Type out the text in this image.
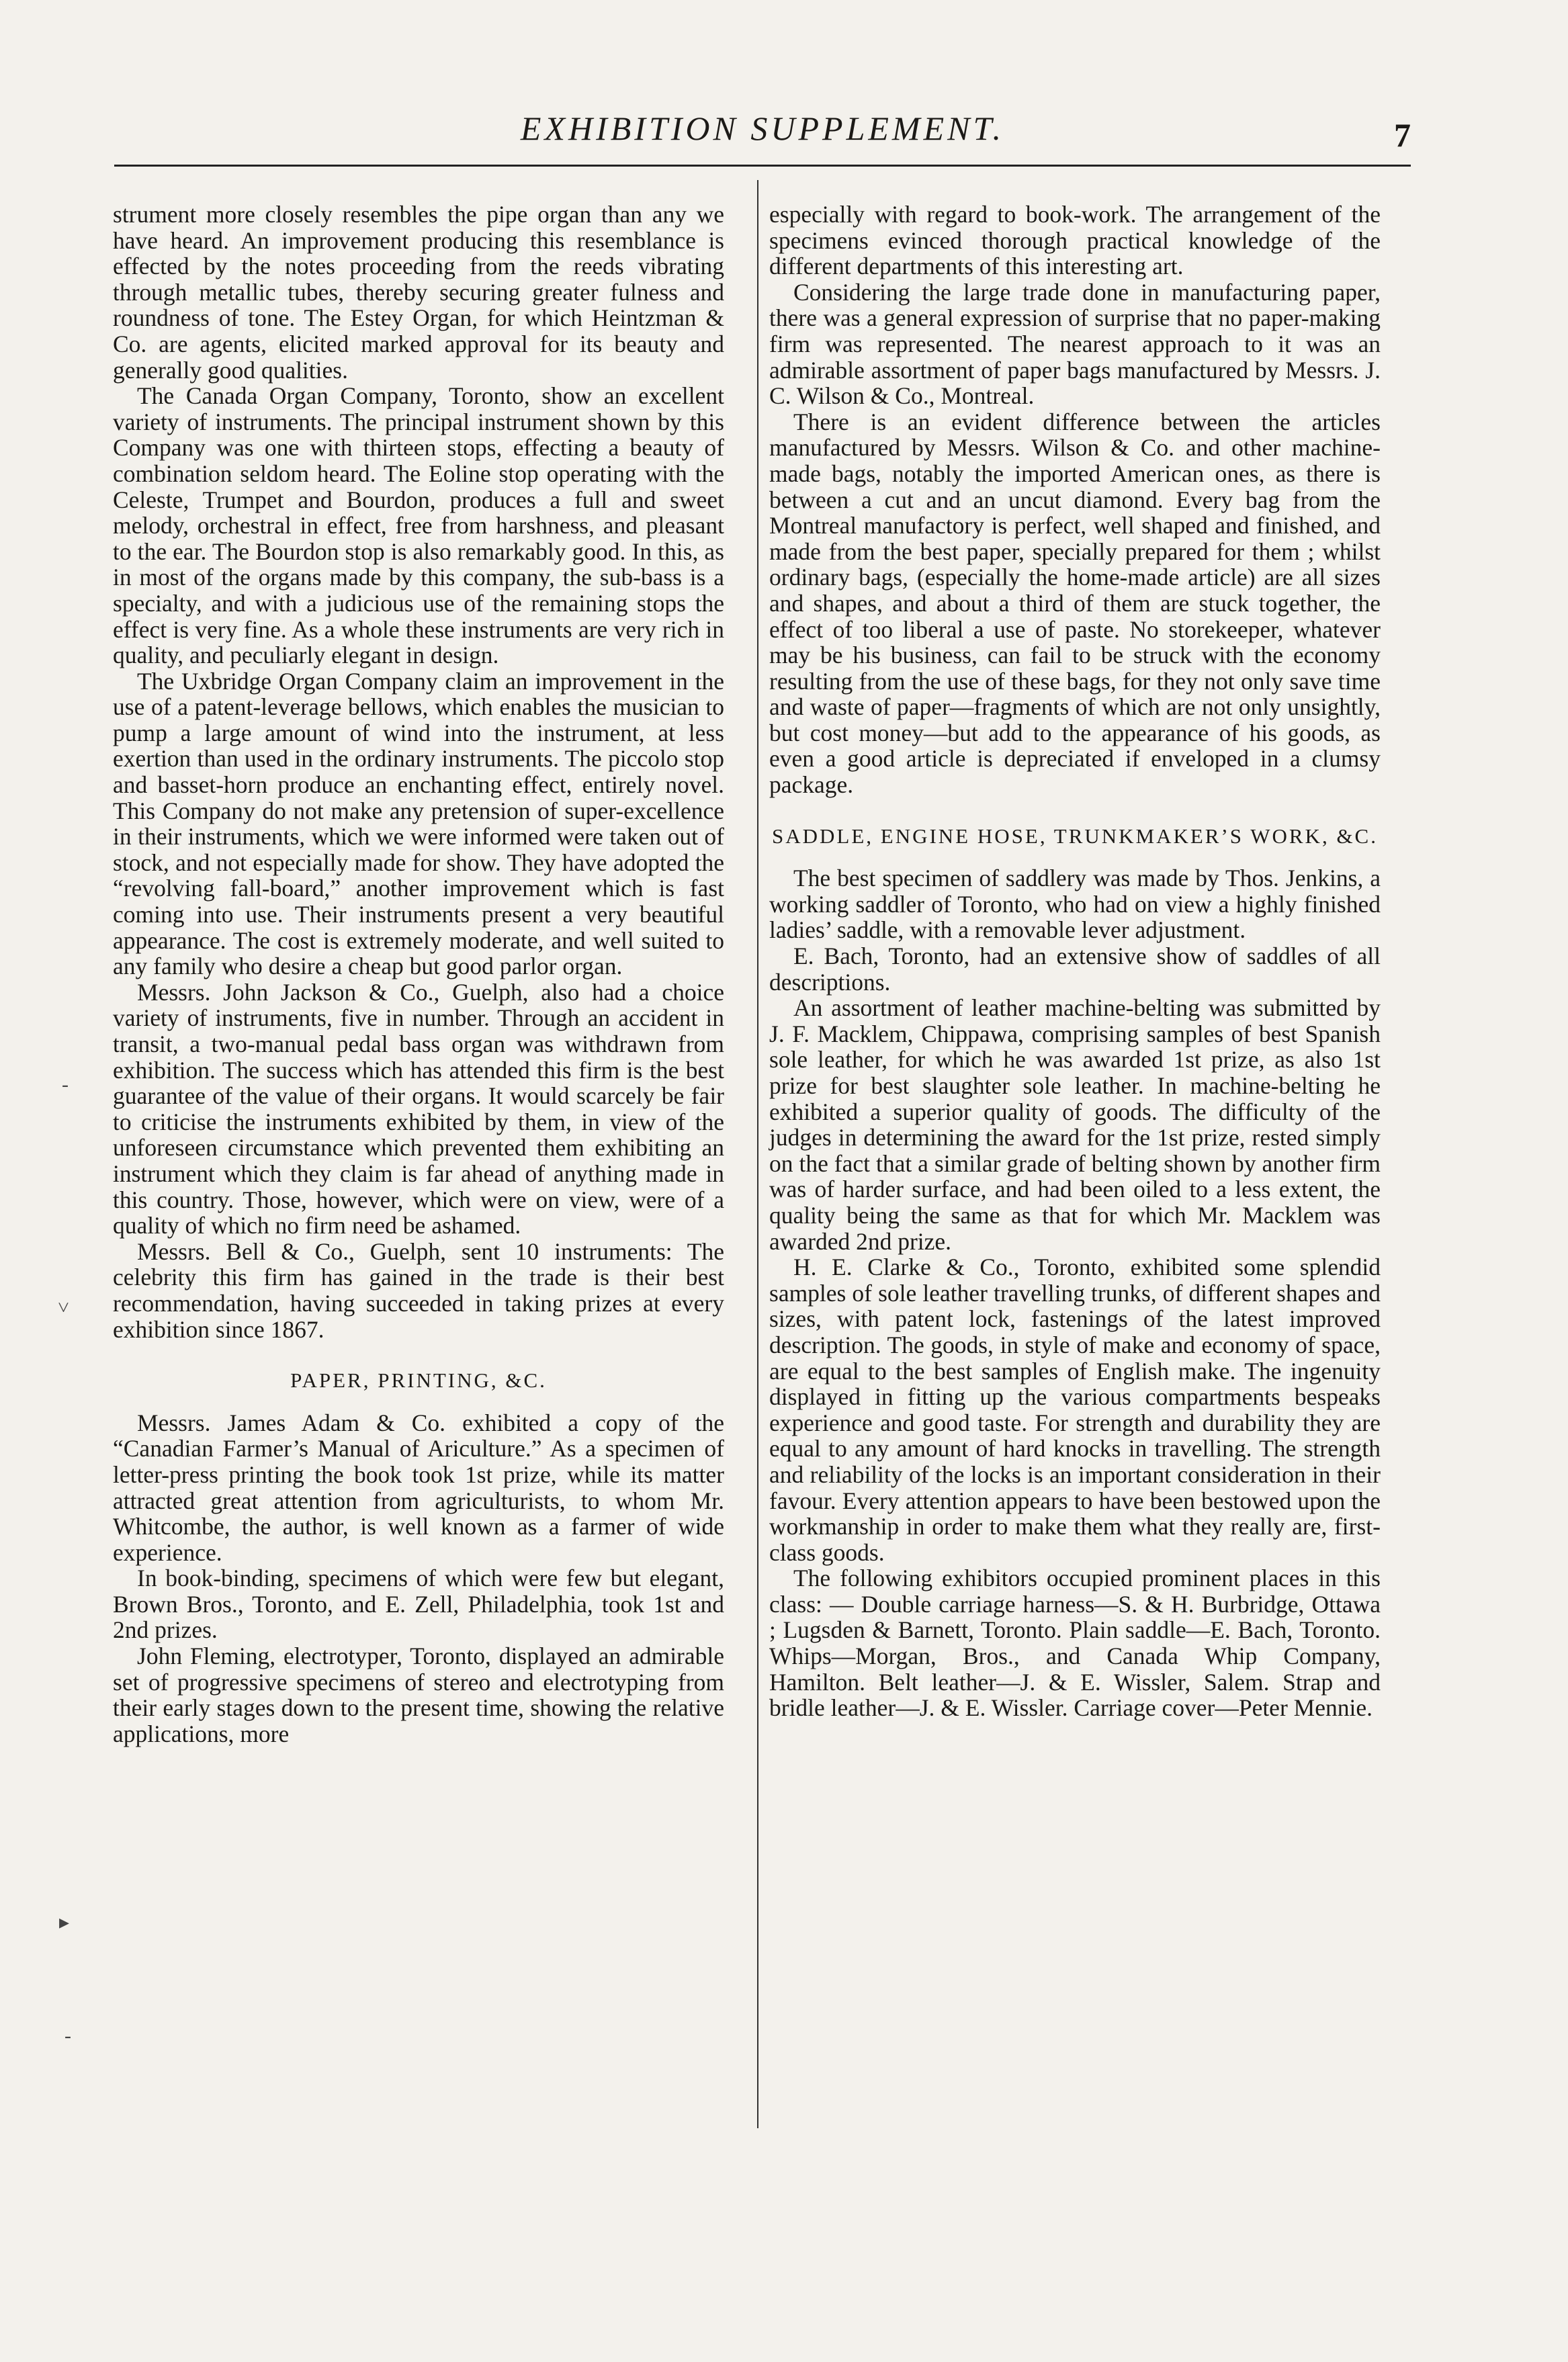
EXHIBITION SUPPLEMENT.	7

strument more closely resembles the pipe organ than any we have heard. An improvement producing this resemblance is effected by the notes proceeding from the reeds vibrating through metallic tubes, thereby securing greater fulness and roundness of tone. The Estey Organ, for which Heintzman & Co. are agents, elicited marked approval for its beauty and generally good qualities.

The Canada Organ Company, Toronto, show an excellent variety of instruments. The principal instrument shown by this Company was one with thirteen stops, effecting a beauty of combination seldom heard. The Eoline stop operating with the Celeste, Trumpet and Bourdon, produces a full and sweet melody, orchestral in effect, free from harshness, and pleasant to the ear. The Bourdon stop is also remarkably good. In this, as in most of the organs made by this company, the sub-bass is a specialty, and with a judicious use of the remaining stops the effect is very fine. As a whole these instruments are very rich in quality, and peculiarly elegant in design.

The Uxbridge Organ Company claim an improvement in the use of a patent-leverage bellows, which enables the musician to pump a large amount of wind into the instrument, at less exertion than used in the ordinary instruments. The piccolo stop and basset-horn produce an enchanting effect, entirely novel. This Company do not make any pretension of super-excellence in their instruments, which we were informed were taken out of stock, and not especially made for show. They have adopted the “revolving fall-board,” another improvement which is fast coming into use. Their instruments present a very beautiful appearance. The cost is extremely moderate, and well suited to any family who desire a cheap but good parlor organ.

Messrs. John Jackson & Co., Guelph, also had a choice variety of instruments, five in number. Through an accident in transit, a two-manual pedal bass organ was withdrawn from exhibition. The success which has attended this firm is the best guarantee of the value of their organs. It would scarcely be fair to criticise the instruments exhibited by them, in view of the unforeseen circumstance which prevented them exhibiting an instrument which they claim is far ahead of anything made in this country. Those, however, which were on view, were of a quality of which no firm need be ashamed.

Messrs. Bell & Co., Guelph, sent 10 instruments: The celebrity this firm has gained in the trade is their best recommendation, having succeeded in taking prizes at every exhibition since 1867.

PAPER, PRINTING, &C.

Messrs. James Adam & Co. exhibited a copy of the “Canadian Farmer’s Manual of Ariculture.” As a specimen of letter-press printing the book took 1st prize, while its matter attracted great attention from agriculturists, to whom Mr. Whitcombe, the author, is well known as a farmer of wide experience.

In book-binding, specimens of which were few but elegant, Brown Bros., Toronto, and E. Zell, Philadelphia, took 1st and 2nd prizes.

John Fleming, electrotyper, Toronto, displayed an admirable set of progressive specimens of stereo and electrotyping from their early stages down to the present time, showing the relative applications, more

especially with regard to book-work. The arrangement of the specimens evinced thorough practical knowledge of the different departments of this interesting art.

Considering the large trade done in manufacturing paper, there was a general expression of surprise that no paper-making firm was represented. The nearest approach to it was an admirable assortment of paper bags manufactured by Messrs. J. C. Wilson & Co., Montreal.

There is an evident difference between the articles manufactured by Messrs. Wilson & Co. and other machine-made bags, notably the imported American ones, as there is between a cut and an uncut diamond. Every bag from the Montreal manufactory is perfect, well shaped and finished, and made from the best paper, specially prepared for them ; whilst ordinary bags, (especially the home-made article) are all sizes and shapes, and about a third of them are stuck together, the effect of too liberal a use of paste. No storekeeper, whatever may be his business, can fail to be struck with the economy resulting from the use of these bags, for they not only save time and waste of paper—fragments of which are not only unsightly, but cost money—but add to the appearance of his goods, as even a good article is depreciated if enveloped in a clumsy package.

SADDLE, ENGINE HOSE, TRUNKMAKER’S WORK, &C.

The best specimen of saddlery was made by Thos. Jenkins, a working saddler of Toronto, who had on view a highly finished ladies’ saddle, with a removable lever adjustment.

E. Bach, Toronto, had an extensive show of saddles of all descriptions.

An assortment of leather machine-belting was submitted by J. F. Macklem, Chippawa, comprising samples of best Spanish sole leather, for which he was awarded 1st prize, as also 1st prize for best slaughter sole leather. In machine-belting he exhibited a superior quality of goods. The difficulty of the judges in determining the award for the 1st prize, rested simply on the fact that a similar grade of belting shown by another firm was of harder surface, and had been oiled to a less extent, the quality being the same as that for which Mr. Macklem was awarded 2nd prize.

H. E. Clarke & Co., Toronto, exhibited some splendid samples of sole leather travelling trunks, of different shapes and sizes, with patent lock, fastenings of the latest improved description. The goods, in style of make and economy of space, are equal to the best samples of English make. The ingenuity displayed in fitting up the various compartments bespeaks experience and good taste. For strength and durability they are equal to any amount of hard knocks in travelling. The strength and reliability of the locks is an important consideration in their favour. Every attention appears to have been bestowed upon the workmanship in order to make them what they really are, first-class goods.

The following exhibitors occupied prominent places in this class: — Double carriage harness—S. & H. Burbridge, Ottawa ; Lugsden & Barnett, Toronto. Plain saddle—E. Bach, Toronto. Whips—Morgan, Bros., and Canada Whip Company, Hamilton. Belt leather—J. & E. Wissler, Salem. Strap and bridle leather—J. & E. Wissler. Carriage cover—Peter Mennie.

-
˅
▸
-
